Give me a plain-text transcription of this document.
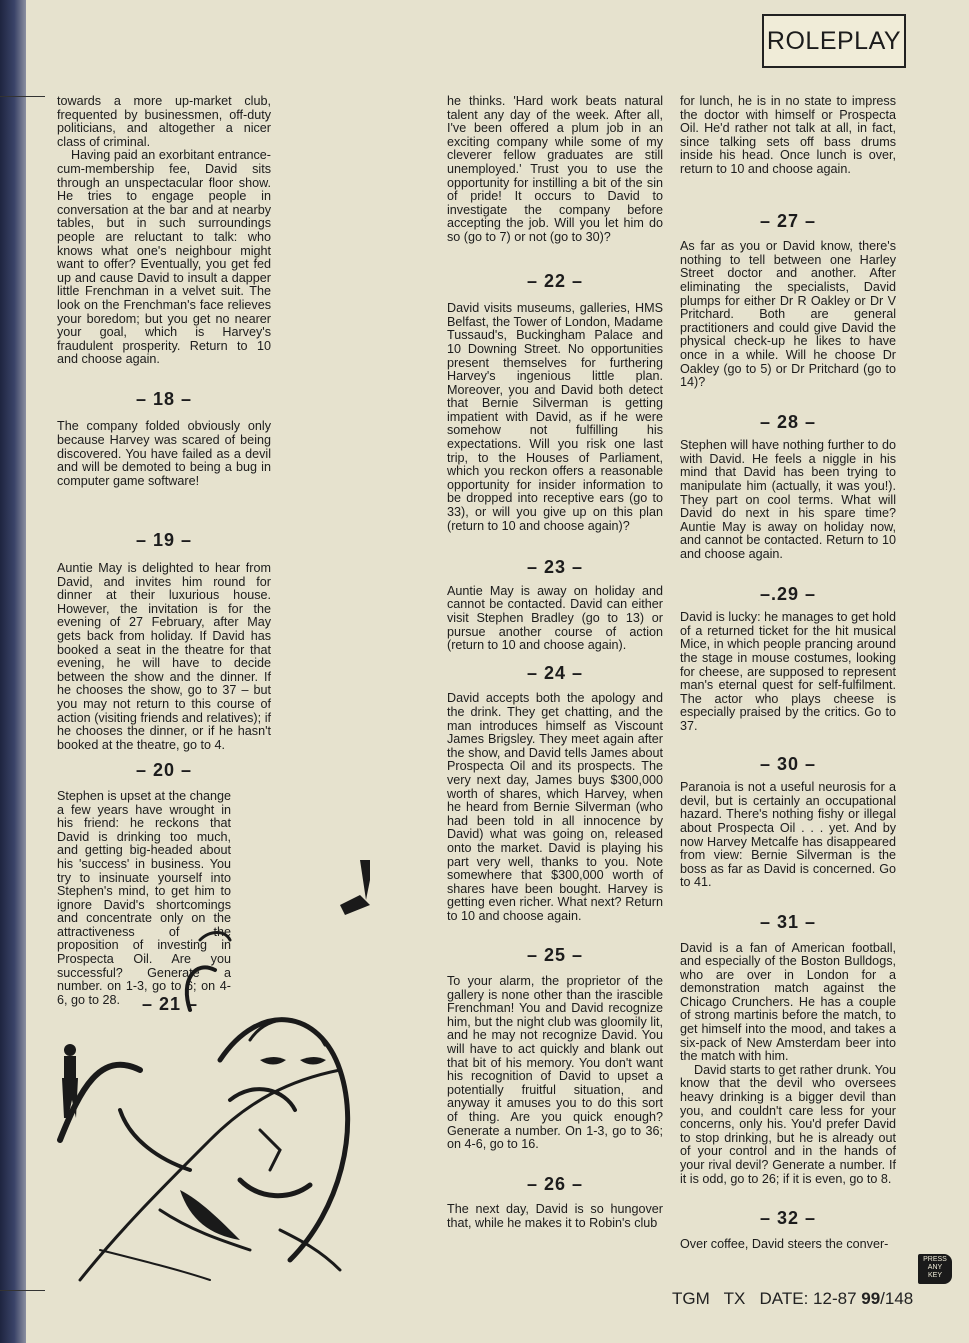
ROLEPLAY

towards a more up-market club, frequented by businessmen, off-duty politicians, and altogether a nicer class of criminal.

Having paid an exorbitant entrance-cum-membership fee, David sits through an unspectacular floor show. He tries to engage people in conversation at the bar and at nearby tables, but in such surroundings people are reluctant to talk: who knows what one's neighbour might want to offer? Eventually, you get fed up and cause David to insult a dapper little Frenchman in a velvet suit. The look on the Frenchman's face relieves your boredom; but you get no nearer your goal, which is Harvey's fraudulent prosperity. Return to 10 and choose again.

– 18 –

The company folded obviously only because Harvey was scared of being discovered. You have failed as a devil and will be demoted to being a bug in computer game software!

– 19 –

Auntie May is delighted to hear from David, and invites him round for dinner at their luxurious house. However, the invitation is for the evening of 27 February, after May gets back from holiday. If David has booked a seat in the theatre for that evening, he will have to decide between the show and the dinner. If he chooses the show, go to 37 – but you may not return to this course of action (visiting friends and relatives); if he chooses the dinner, or if he hasn't booked at the theatre, go to 4.

– 20 –

Stephen is upset at the change a few years have wrought in his friend: he reckons that David is drinking too much, and getting big-headed about his 'success' in business. You try to insinuate yourself into Stephen's mind, to get him to ignore David's shortcomings and concentrate only on the attractiveness of the proposition of investing in Prospecta Oil. Are you successful? Generate a number. on 1-3, go to 6; on 4-6, go to 28.	– 21 –

he thinks. 'Hard work beats natural talent any day of the week. After all, I've been offered a plum job in an exciting company while some of my cleverer fellow graduates are still unemployed.' Trust you to use the opportunity for instilling a bit of the sin of pride! It occurs to David to investigate the company before accepting the job. Will you let him do so (go to 7) or not (go to 30)?

– 22 –

David visits museums, galleries, HMS Belfast, the Tower of London, Madame Tussaud's, Buckingham Palace and 10 Downing Street. No opportunities present themselves for furthering Harvey's ingenious little plan. Moreover, you and David both detect that Bernie Silverman is getting impatient with David, as if he were somehow not fulfilling his expectations. Will you risk one last trip, to the Houses of Parliament, which you reckon offers a reasonable opportunity for insider information to be dropped into receptive ears (go to 33), or will you give up on this plan (return to 10 and choose again)?

– 23 –

Auntie May is away on holiday and cannot be contacted. David can either visit Stephen Bradley (go to 13) or pursue another course of action (return to 10 and choose again).

– 24 –

David accepts both the apology and the drink. They get chatting, and the man introduces himself as Viscount James Brigsley. They meet again after the show, and David tells James about Prospecta Oil and its prospects. The very next day, James buys $300,000 worth of shares, which Harvey, when he heard from Bernie Silverman (who had been told in all innocence by David) what was going on, released onto the market. David is playing his part very well, thanks to you. Note somewhere that $300,000 worth of shares have been bought. Harvey is getting even richer. What next? Return to 10 and choose again.

– 25 –

To your alarm, the proprietor of the gallery is none other than the irascible Frenchman! You and David recognize him, but the night club was gloomily lit, and he may not recognize David. You will have to act quickly and blank out that bit of his memory. You don't want his recognition of David to upset a potentially fruitful situation, and anyway it amuses you to do this sort of thing. Are you quick enough? Generate a number. On 1-3, go to 36; on 4-6, go to 16.

– 26 –

The next day, David is so hungover that, while he makes it to Robin's club

for lunch, he is in no state to impress the doctor with himself or Prospecta Oil. He'd rather not talk at all, in fact, since talking sets off bass drums inside his head. Once lunch is over, return to 10 and choose again.

– 27 –

As far as you or David know, there's nothing to tell between one Harley Street doctor and another. After eliminating the specialists, David plumps for either Dr R Oakley or Dr V Pritchard. Both are general practitioners and could give David the physical check-up he likes to have once in a while. Will he choose Dr Oakley (go to 5) or Dr Pritchard (go to 14)?

– 28 –

Stephen will have nothing further to do with David. He feels a niggle in his mind that David has been trying to manipulate him (actually, it was you!). They part on cool terms. What will David do next in his spare time? Auntie May is away on holiday now, and cannot be contacted. Return to 10 and choose again.

–.29 –

David is lucky: he manages to get hold of a returned ticket for the hit musical Mice, in which people prancing around the stage in mouse costumes, looking for cheese, are supposed to represent man's eternal quest for self-fulfilment. The actor who plays cheese is especially praised by the critics. Go to 37.

– 30 –

Paranoia is not a useful neurosis for a devil, but is certainly an occupational hazard. There's nothing fishy or illegal about Prospecta Oil . . . yet. And by now Harvey Metcalfe has disappeared from view: Bernie Silverman is the boss as far as David is concerned. Go to 41.

– 31 –

David is a fan of American football, and especially of the Boston Bulldogs, who are over in London for a demonstration match against the Chicago Crunchers. He has a couple of strong martinis before the match, to get himself into the mood, and takes a six-pack of New Amsterdam beer into the match with him.

David starts to get rather drunk. You know that the devil who oversees heavy drinking is a bigger devil than you, and couldn't care less for your concerns, only his. You'd prefer David to stop drinking, but he is already out of your control and in the hands of your rival devil? Generate a number. If it is odd, go to 26; if it is even, go to 8.

– 32 –

Over coffee, David steers the conver-

PRESS
ANY
KEY
TGM   TX   DATE: 12-87 99/148
